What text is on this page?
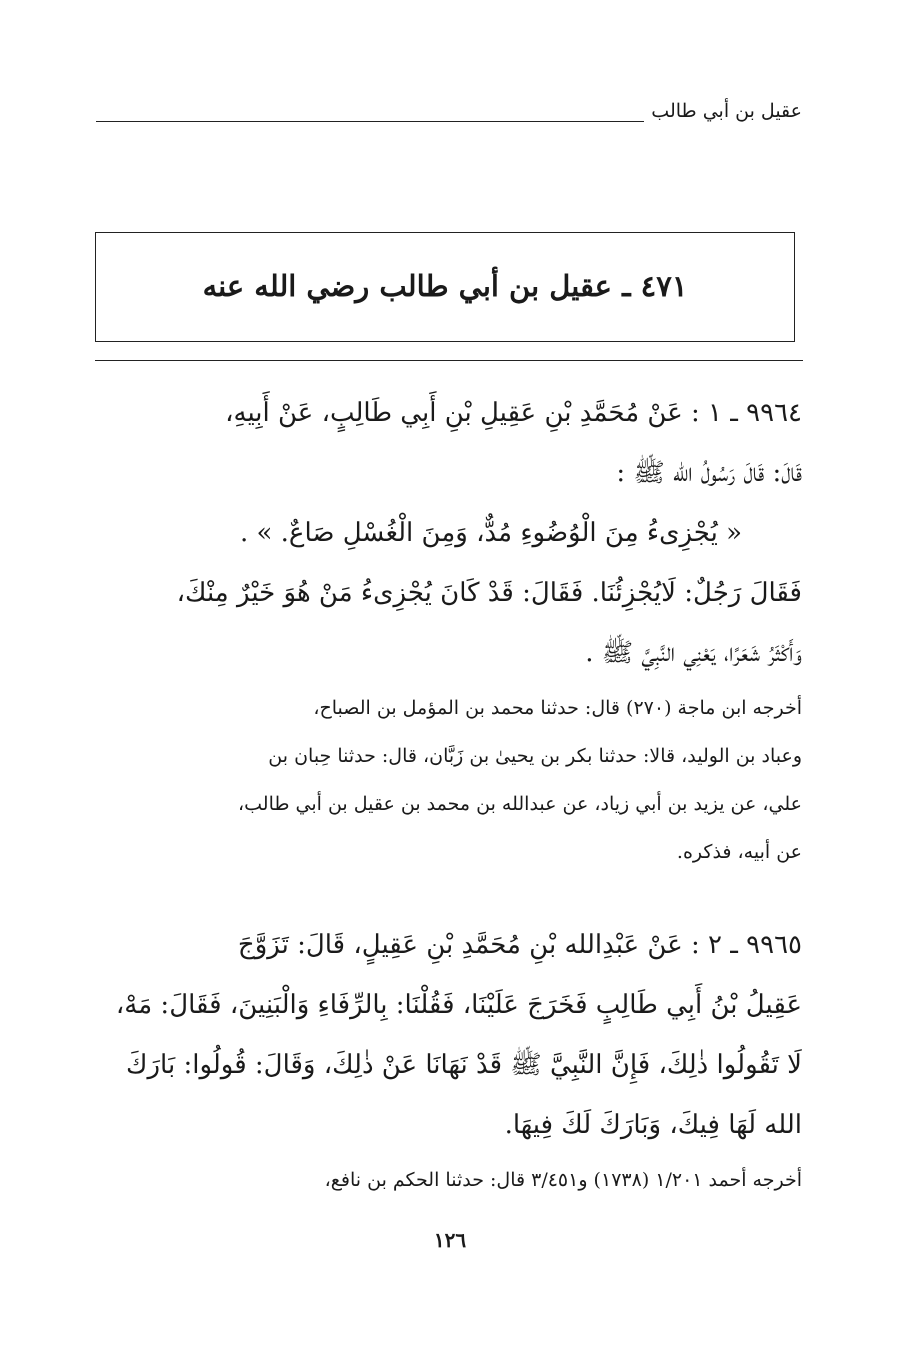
عقيل بن أبي طالب
٤٧١ ـ عقيل بن أبي طالب رضي الله عنه
٩٩٦٤ ـ ١ : عَنْ مُحَمَّدِ بْنِ عَقِيلِ بْنِ أَبِي طَالِبٍ، عَنْ أَبِيهِ،
قَالَ: قَالَ رَسُولُ الله ﷺ :
« يُجْزِىءُ مِنَ الْوُضُوءِ مُدٌّ، وَمِنَ الْغُسْلِ صَاعٌ. » .
فَقَالَ رَجُلٌ: لَايُجْزِئُنَا. فَقَالَ: قَدْ كَانَ يُجْزِىءُ مَنْ هُوَ خَيْرٌ مِنْكَ،
وَأَكْثَرُ شَعَرًا، يَعْنِي النَّبِيَّ ﷺ .
أخرجه ابن ماجة (٢٧٠) قال: حدثنا محمد بن المؤمل بن الصباح،
وعباد بن الوليد، قالا: حدثنا بكر بن يحيىٰ بن زَبَّان، قال: حدثنا حِبان بن
علي، عن يزيد بن أبي زياد، عن عبدالله بن محمد بن عقيل بن أبي طالب،
عن أبيه، فذكره.
٩٩٦٥ ـ ٢ : عَنْ عَبْدِالله بْنِ مُحَمَّدِ بْنِ عَقِيلٍ، قَالَ: تَزَوَّجَ
عَقِيلُ بْنُ أَبِي طَالِبٍ فَخَرَجَ عَلَيْنَا، فَقُلْنَا: بِالرِّفَاءِ وَالْبَنِينَ، فَقَالَ: مَهْ،
لَا تَقُولُوا ذٰلِكَ، فَإِنَّ النَّبِيَّ ﷺ قَدْ نَهَانَا عَنْ ذٰلِكَ، وَقَالَ: قُولُوا: بَارَكَ
الله لَهَا فِيكَ، وَبَارَكَ لَكَ فِيهَا.
أخرجه أحمد ١/٢٠١ (١٧٣٨) و٣/٤٥١ قال: حدثنا الحكم بن نافع،
١٢٦
